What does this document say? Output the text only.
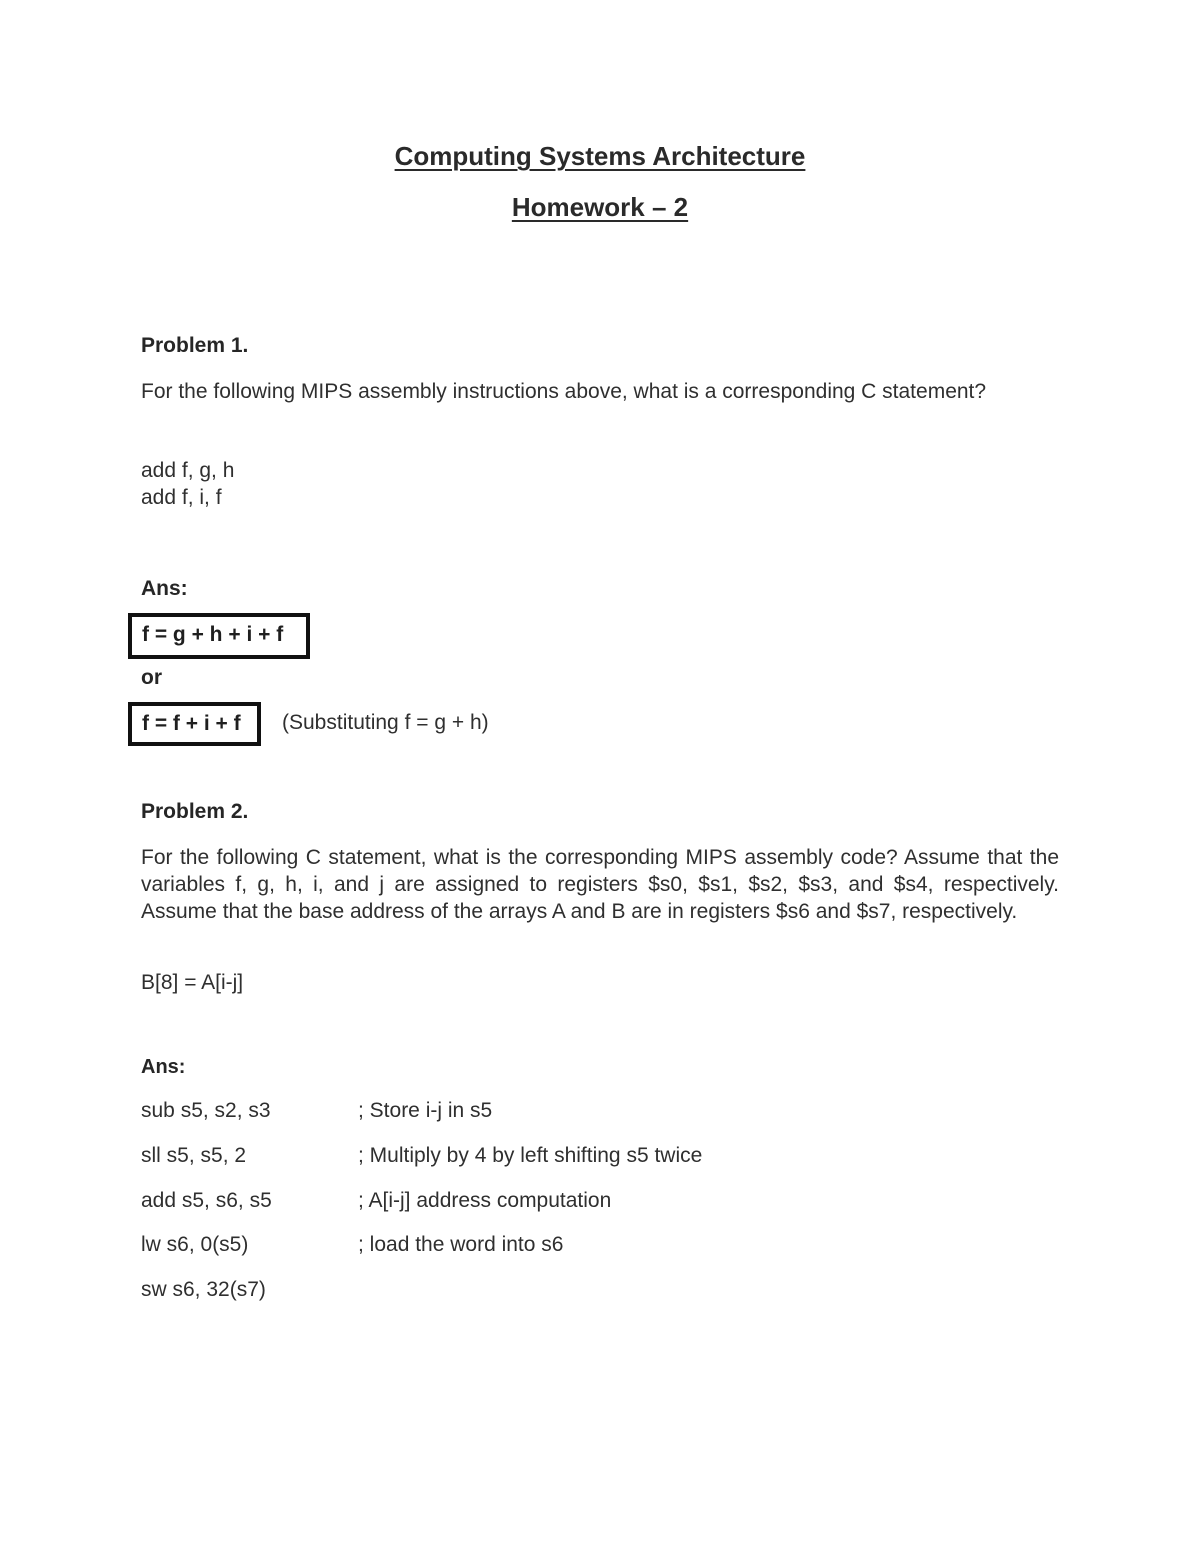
Computing Systems Architecture
Homework – 2
Problem 1.
For the following MIPS assembly instructions above, what is a corresponding C statement?
add f, g, h
add f, i, f
Ans:
f = g + h + i + f
or
f = f + i + f	(Substituting f = g + h)
Problem 2.
For the following C statement, what is the corresponding MIPS assembly code? Assume that the variables f, g, h, i, and j are assigned to registers $s0, $s1, $s2, $s3, and $s4, respectively. Assume that the base address of the arrays A and B are in registers $s6 and $s7, respectively.
B[8] = A[i-j]
Ans:
sub s5, s2, s3	; Store i-j in s5
sll s5, s5, 2	; Multiply by 4 by left shifting s5 twice
add s5, s6, s5	; A[i-j] address computation
lw s6, 0(s5)	; load the word into s6
sw s6, 32(s7)
